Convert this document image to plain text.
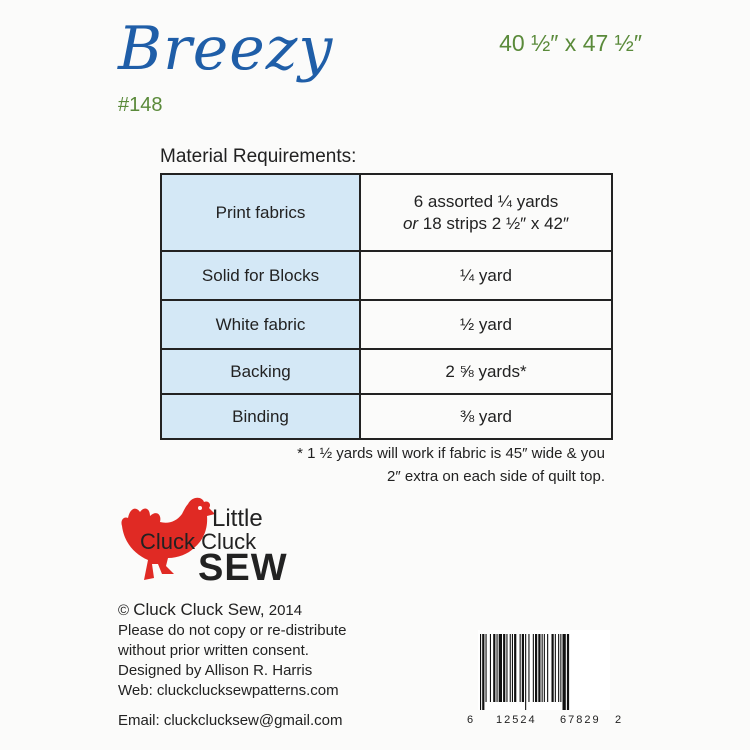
Breezy	40 ½″ x 47 ½″
#148
Material Requirements:
Print fabrics	6 assorted ¼ yards
or 18 strips 2 ½″ x 42″
Solid for Blocks	¼ yard
White fabric	½ yard
Backing	2 ⅝ yards*
Binding	⅜ yard
* 1 ½ yards will work if fabric is 45″ wide & you
2″ extra on each side of quilt top.
Little
Cluck Cluck
SEW
© Cluck Cluck Sew, 2014
Please do not copy or re-distribute
without prior written consent.
Designed by Allison R. Harris
Web: cluckclucksewpatterns.com
Email: cluckclucksew@gmail.com	6 12524 67829 2
